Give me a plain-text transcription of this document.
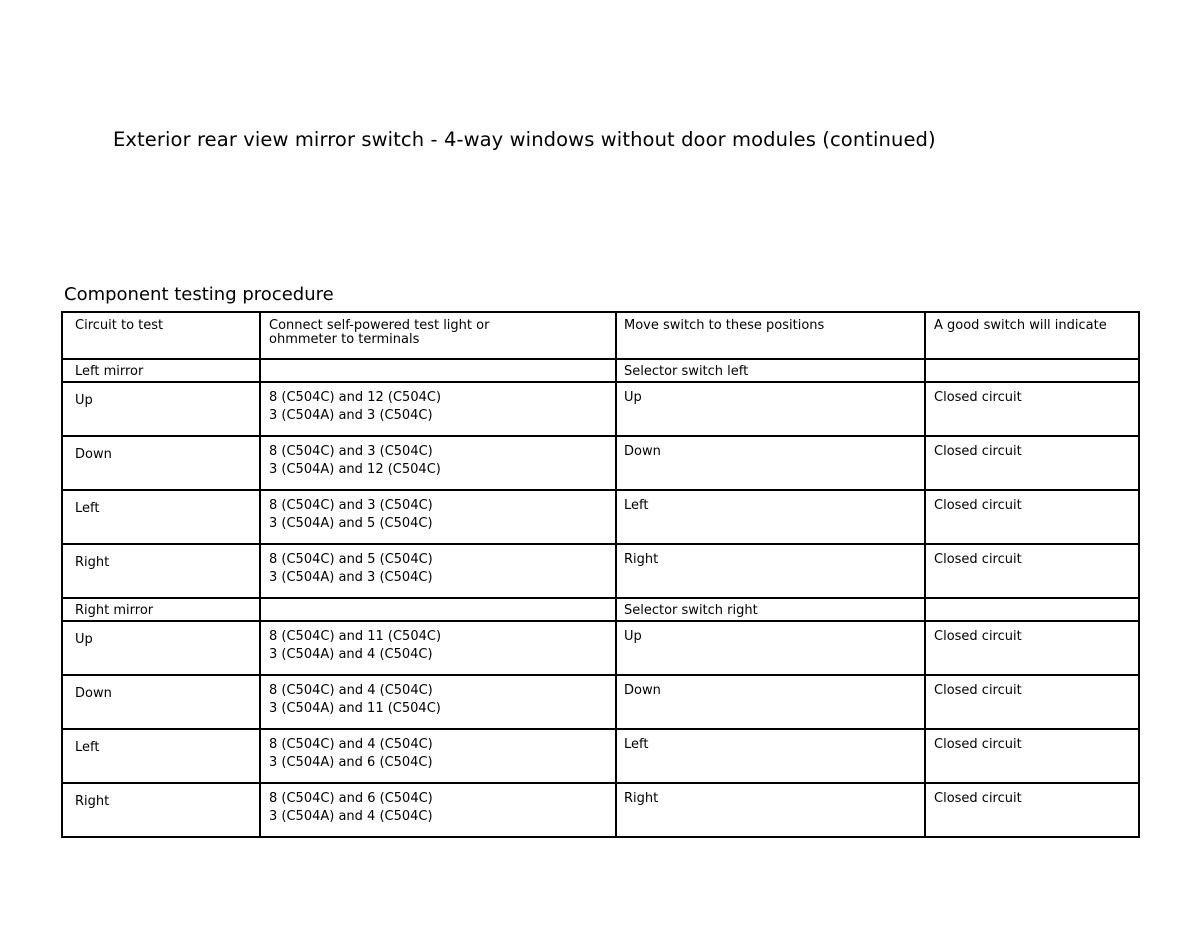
Exterior rear view mirror switch - 4-way windows without door modules (continued)
Component testing procedure
Circuit to test	Connect self-powered test light or
ohmmeter to terminals	Move switch to these positions	A good switch will indicate
Left mirror		Selector switch left	
Up	8 (C504C) and 12 (C504C)
3 (C504A) and 3 (C504C)	Up	Closed circuit
Down	8 (C504C) and 3 (C504C)
3 (C504A) and 12 (C504C)	Down	Closed circuit
Left	8 (C504C) and 3 (C504C)
3 (C504A) and 5 (C504C)	Left	Closed circuit
Right	8 (C504C) and 5 (C504C)
3 (C504A) and 3 (C504C)	Right	Closed circuit
Right mirror		Selector switch right	
Up	8 (C504C) and 11 (C504C)
3 (C504A) and 4 (C504C)	Up	Closed circuit
Down	8 (C504C) and 4 (C504C)
3 (C504A) and 11 (C504C)	Down	Closed circuit
Left	8 (C504C) and 4 (C504C)
3 (C504A) and 6 (C504C)	Left	Closed circuit
Right	8 (C504C) and 6 (C504C)
3 (C504A) and 4 (C504C)	Right	Closed circuit
